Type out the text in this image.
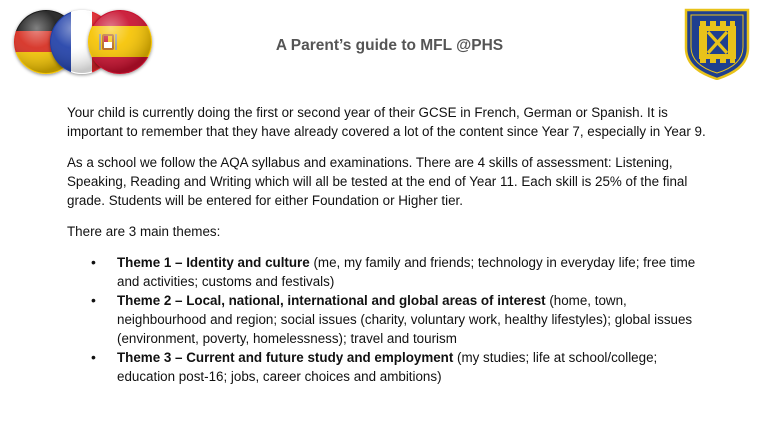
A Parent’s guide to MFL @PHS

Your child is currently doing the first or second year of their GCSE in French, German or Spanish. It is important to remember that they have already covered a lot of the content since Year 7, especially in Year 9.

As a school we follow the AQA syllabus and examinations. There are 4 skills of assessment: Listening, Speaking, Reading and Writing which will all be tested at the end of Year 11. Each skill is 25% of the final grade. Students will be entered for either Foundation or Higher tier.

There are 3 main themes:

• Theme 1 – Identity and culture (me, my family and friends; technology in everyday life; free time and activities; customs and festivals)
• Theme 2 – Local, national, international and global areas of interest (home, town, neighbourhood and region; social issues (charity, voluntary work, healthy lifestyles); global issues (environment, poverty, homelessness); travel and tourism
• Theme 3 – Current and future study and employment (my studies; life at school/college; education post-16; jobs, career choices and ambitions)
